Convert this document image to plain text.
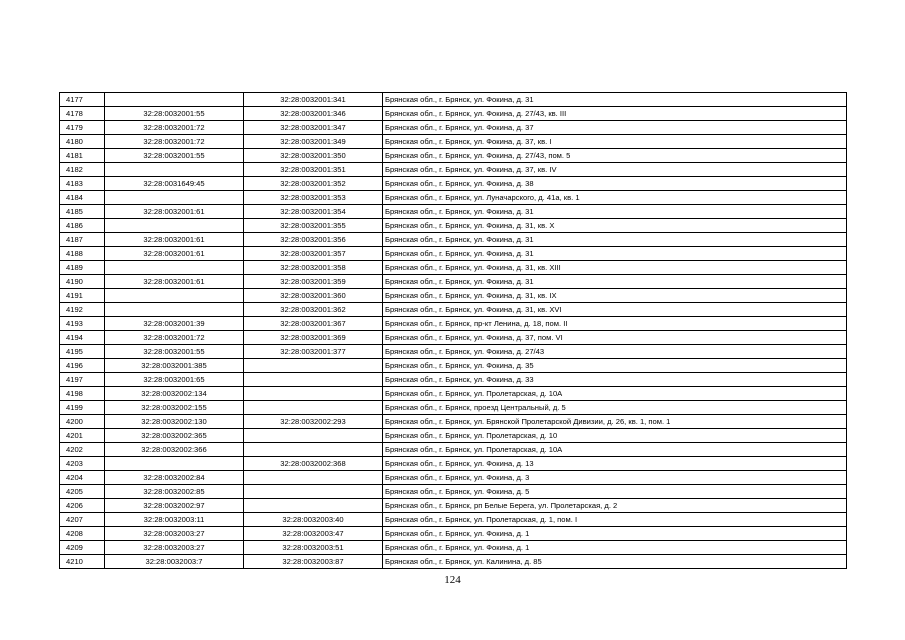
4177		32:28:0032001:341	Брянская обл., г. Брянск, ул. Фокина, д. 31
4178	32:28:0032001:55	32:28:0032001:346	Брянская обл., г. Брянск, ул. Фокина, д. 27/43, кв. III
4179	32:28:0032001:72	32:28:0032001:347	Брянская обл., г. Брянск, ул. Фокина, д. 37
4180	32:28:0032001:72	32:28:0032001:349	Брянская обл., г. Брянск, ул. Фокина, д. 37, кв. I
4181	32:28:0032001:55	32:28:0032001:350	Брянская обл., г. Брянск, ул. Фокина, д. 27/43, пом. 5
4182		32:28:0032001:351	Брянская обл., г. Брянск, ул. Фокина, д. 37, кв. IV
4183	32:28:0031649:45	32:28:0032001:352	Брянская обл., г. Брянск, ул. Фокина, д. 38
4184		32:28:0032001:353	Брянская обл., г. Брянск, ул. Луначарского, д. 41а, кв. 1
4185	32:28:0032001:61	32:28:0032001:354	Брянская обл., г. Брянск, ул. Фокина, д. 31
4186		32:28:0032001:355	Брянская обл., г. Брянск, ул. Фокина, д. 31, кв. X
4187	32:28:0032001:61	32:28:0032001:356	Брянская обл., г. Брянск, ул. Фокина, д. 31
4188	32:28:0032001:61	32:28:0032001:357	Брянская обл., г. Брянск, ул. Фокина, д. 31
4189		32:28:0032001:358	Брянская обл., г. Брянск, ул. Фокина, д. 31, кв. XIII
4190	32:28:0032001:61	32:28:0032001:359	Брянская обл., г. Брянск, ул. Фокина, д. 31
4191		32:28:0032001:360	Брянская обл., г. Брянск, ул. Фокина, д. 31, кв. IX
4192		32:28:0032001:362	Брянская обл., г. Брянск, ул. Фокина, д. 31, кв. XVI
4193	32:28:0032001:39	32:28:0032001:367	Брянская обл., г. Брянск, пр-кт Ленина, д. 18, пом. II
4194	32:28:0032001:72	32:28:0032001:369	Брянская обл., г. Брянск, ул. Фокина, д. 37, пом. VI
4195	32:28:0032001:55	32:28:0032001:377	Брянская обл., г. Брянск, ул. Фокина, д. 27/43
4196	32:28:0032001:385		Брянская обл., г. Брянск, ул. Фокина, д. 35
4197	32:28:0032001:65		Брянская обл., г. Брянск, ул. Фокина, д. 33
4198	32:28:0032002:134		Брянская обл., г. Брянск, ул. Пролетарская, д. 10А
4199	32:28:0032002:155		Брянская обл., г. Брянск, проезд Центральный, д. 5
4200	32:28:0032002:130	32:28:0032002:293	Брянская обл., г. Брянск, ул. Брянской Пролетарской Дивизии, д. 26, кв. 1, пом. 1
4201	32:28:0032002:365		Брянская обл., г. Брянск, ул. Пролетарская, д. 10
4202	32:28:0032002:366		Брянская обл., г. Брянск, ул. Пролетарская, д. 10А
4203		32:28:0032002:368	Брянская обл., г. Брянск, ул. Фокина, д. 13
4204	32:28:0032002:84		Брянская обл., г. Брянск, ул. Фокина, д. 3
4205	32:28:0032002:85		Брянская обл., г. Брянск, ул. Фокина, д. 5
4206	32:28:0032002:97		Брянская обл., г. Брянск, рп Белые Берега, ул. Пролетарская, д. 2
4207	32:28:0032003:11	32:28:0032003:40	Брянская обл., г. Брянск, ул. Пролетарская, д. 1, пом. I
4208	32:28:0032003:27	32:28:0032003:47	Брянская обл., г. Брянск, ул. Фокина, д. 1
4209	32:28:0032003:27	32:28:0032003:51	Брянская обл., г. Брянск, ул. Фокина, д. 1
4210	32:28:0032003:7	32:28:0032003:87	Брянская обл., г. Брянск, ул. Калинина, д. 85
124
